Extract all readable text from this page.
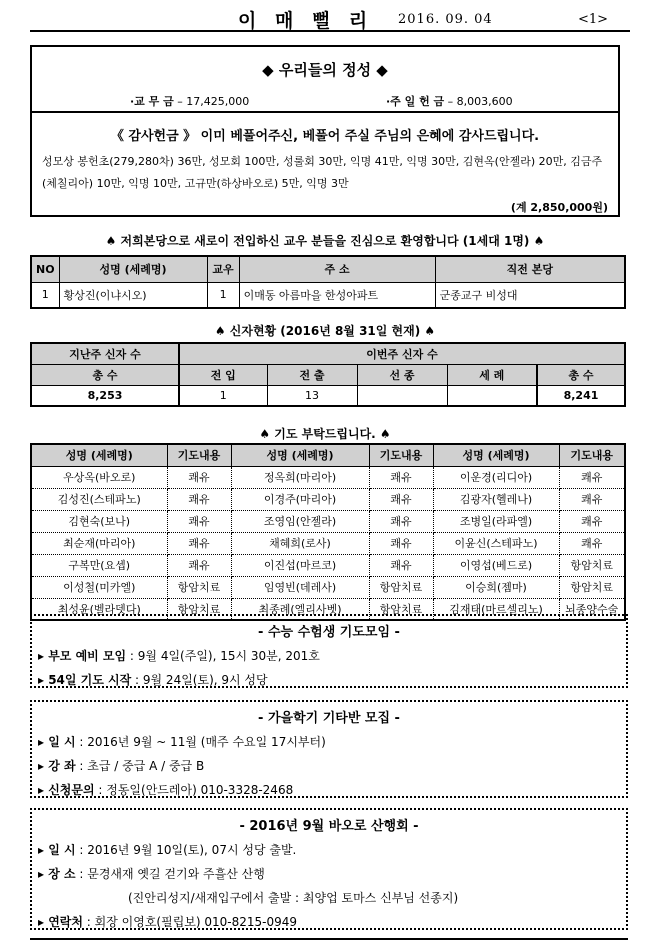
이 매 뻘 리 2016. 09. 04	<1>
◆ 우리들의 정성 ◆
·교 무 금 – 17,425,000	·주 일 헌 금 – 8,003,600
《 감사헌금 》 이미 베풀어주신, 베풀어 주실 주님의 은혜에 감사드립니다.
성모상 봉헌초(279,280차) 36만, 성모회 100만, 성룰회 30만, 익명 41만, 익명 30만, 김현옥(안젤라) 20만, 김금주(체칠리아) 10만, 익명 10만, 고규만(하상바오로) 5만, 익명 3만
(계 2,850,000원)
♠ 저희본당으로 새로이 전입하신 교우 분들을 진심으로 환영합니다 (1세대 1명) ♠
NO	성명 (세례명)	교우	주 소	직전 본당
1	황상진(이냐시오)	1	이매동 아름마을 한성아파트	군종교구 비성대
♠ 신자현황 (2016년 8월 31일 현재) ♠
지난주 신자 수	이번주 신자 수				
총 수	전 입	전 출	선 종	세 례	총 수
8,253	1	13			8,241
♠ 기도 부탁드립니다. ♠
성명 (세례명)	기도내용	성명 (세례명)	기도내용	성명 (세례명)	기도내용
우상옥(바오로)	쾌유	정옥희(마리아)	쾌유	이운경(리디아)	쾌유
김성진(스테파노)	쾌유	이경주(마리아)	쾌유	김광자(헬레나)	쾌유
김현숙(보나)	쾌유	조영임(안젤라)	쾌유	조병일(라파엘)	쾌유
최순재(마리아)	쾌유	채혜희(로사)	쾌유	이윤신(스테파노)	쾌유
구복만(요셉)	쾌유	이진섭(마르코)	쾌유	이영섭(베드로)	항암치료
이성철(미카엘)	항암치료	임영빈(데레사)	항암치료	이승희(젬마)	항암치료
최성윤(벨라뎃다)	항암치료	최종례(엘리사벳)	항암치료	김재태(마르셀리노)	뇌종양수술
- 수능 수험생 기도모임 -
▸ 부모 예비 모임 : 9월 4일(주일), 15시 30분, 201호
▸ 54일 기도 시작 : 9월 24일(토), 9시 성당
- 가을학기 기타반 모집 -
▸ 일 시 : 2016년 9월 ~ 11월 (매주 수요일 17시부터)
▸ 강 좌 : 초급 / 중급 A / 중급 B
▸ 신청문의 : 정동일(안드레아) 010-3328-2468
- 2016년 9월 바오로 산행회 -
▸ 일 시 : 2016년 9월 10일(토), 07시 성당 출발.
▸ 장 소 : 문경새재 옛길 걷기와 주흘산 산행
(진안리성지/새재입구에서 출발 : 최양업 토마스 신부님 선종지)
▸ 연락처 : 회장 이영호(필립보) 010-8215-0949
